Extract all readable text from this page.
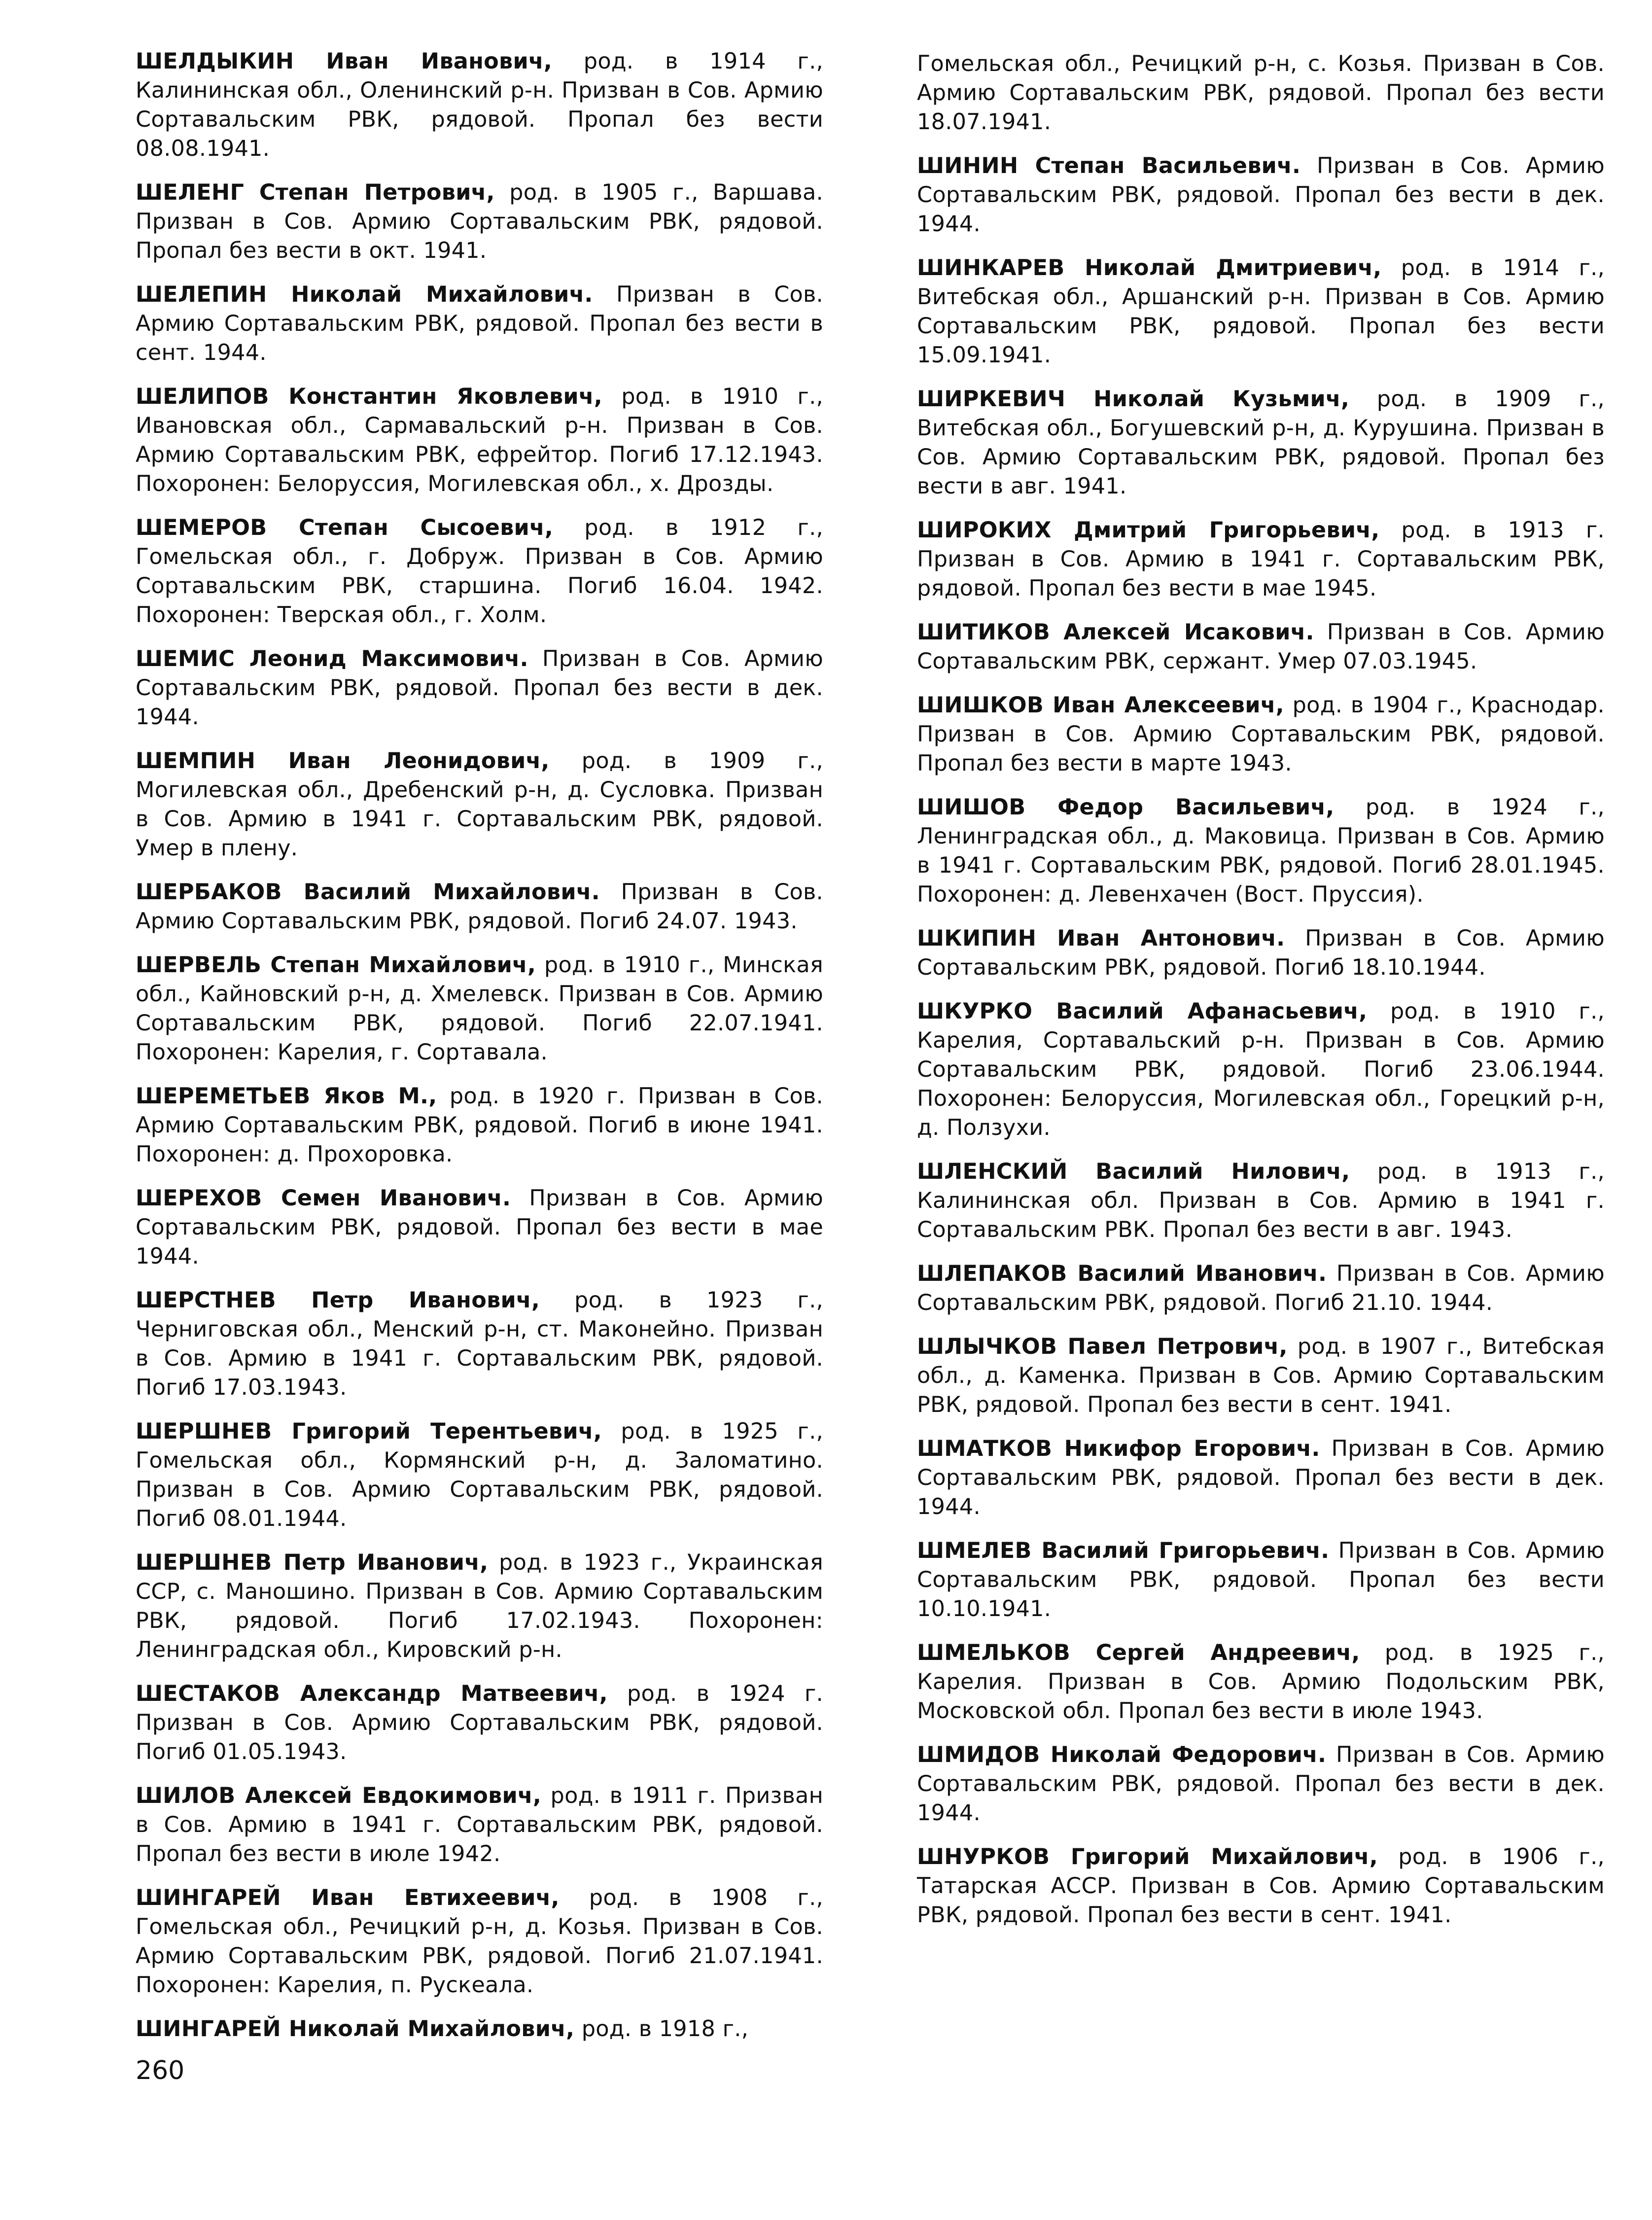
ШЕЛДЫКИН Иван Иванович, род. в 1914 г., Калининская обл., Оленинский р-н. Призван в Сов. Армию Сортавальским РВК, рядовой. Пропал без вести 08.08.1941.

ШЕЛЕНГ Степан Петрович, род. в 1905 г., Варшава. Призван в Сов. Армию Сортавальским РВК, рядовой. Пропал без вести в окт. 1941.

ШЕЛЕПИН Николай Михайлович. Призван в Сов. Армию Сортавальским РВК, рядовой. Пропал без вести в сент. 1944.

ШЕЛИПОВ Константин Яковлевич, род. в 1910 г., Ивановская обл., Сармавальский р-н. Призван в Сов. Армию Сортавальским РВК, ефрейтор. Погиб 17.12.1943. Похоронен: Белоруссия, Могилевская обл., х. Дрозды.

ШЕМЕРОВ Степан Сысоевич, род. в 1912 г., Гомельская обл., г. Добруж. Призван в Сов. Армию Сортавальским РВК, старшина. Погиб 16.04. 1942. Похоронен: Тверская обл., г. Холм.

ШЕМИС Леонид Максимович. Призван в Сов. Армию Сортавальским РВК, рядовой. Пропал без вести в дек. 1944.

ШЕМПИН Иван Леонидович, род. в 1909 г., Могилевская обл., Дребенский р-н, д. Сусловка. Призван в Сов. Армию в 1941 г. Сортавальским РВК, рядовой. Умер в плену.

ШЕРБАКОВ Василий Михайлович. Призван в Сов. Армию Сортавальским РВК, рядовой. Погиб 24.07. 1943.

ШЕРВЕЛЬ Степан Михайлович, род. в 1910 г., Минская обл., Кайновский р-н, д. Хмелевск. Призван в Сов. Армию Сортавальским РВК, рядовой. Погиб 22.07.1941. Похоронен: Карелия, г. Сортавала.

ШЕРЕМЕТЬЕВ Яков М., род. в 1920 г. Призван в Сов. Армию Сортавальским РВК, рядовой. Погиб в июне 1941. Похоронен: д. Прохоровка.

ШЕРЕХОВ Семен Иванович. Призван в Сов. Армию Сортавальским РВК, рядовой. Пропал без вести в мае 1944.

ШЕРСТНЕВ Петр Иванович, род. в 1923 г., Черниговская обл., Менский р-н, ст. Маконейно. Призван в Сов. Армию в 1941 г. Сортавальским РВК, рядовой. Погиб 17.03.1943.

ШЕРШНЕВ Григорий Терентьевич, род. в 1925 г., Гомельская обл., Кормянский р-н, д. Заломатино. Призван в Сов. Армию Сортавальским РВК, рядовой. Погиб 08.01.1944.

ШЕРШНЕВ Петр Иванович, род. в 1923 г., Украинская ССР, с. Маношино. Призван в Сов. Армию Сортавальским РВК, рядовой. Погиб 17.02.1943. Похоронен: Ленинградская обл., Кировский р-н.

ШЕСТАКОВ Александр Матвеевич, род. в 1924 г. Призван в Сов. Армию Сортавальским РВК, рядовой. Погиб 01.05.1943.

ШИЛОВ Алексей Евдокимович, род. в 1911 г. Призван в Сов. Армию в 1941 г. Сортавальским РВК, рядовой. Пропал без вести в июле 1942.

ШИНГАРЕЙ Иван Евтихеевич, род. в 1908 г., Гомельская обл., Речицкий р-н, д. Козья. Призван в Сов. Армию Сортавальским РВК, рядовой. Погиб 21.07.1941. Похоронен: Карелия, п. Рускеала.

ШИНГАРЕЙ Николай Михайлович, род. в 1918 г.,

Гомельская обл., Речицкий р-н, с. Козья. Призван в Сов. Армию Сортавальским РВК, рядовой. Пропал без вести 18.07.1941.

ШИНИН Степан Васильевич. Призван в Сов. Армию Сортавальским РВК, рядовой. Пропал без вести в дек. 1944.

ШИНКАРЕВ Николай Дмитриевич, род. в 1914 г., Витебская обл., Аршанский р-н. Призван в Сов. Армию Сортавальским РВК, рядовой. Пропал без вести 15.09.1941.

ШИРКЕВИЧ Николай Кузьмич, род. в 1909 г., Витебская обл., Богушевский р-н, д. Курушина. Призван в Сов. Армию Сортавальским РВК, рядовой. Пропал без вести в авг. 1941.

ШИРОКИХ Дмитрий Григорьевич, род. в 1913 г. Призван в Сов. Армию в 1941 г. Сортавальским РВК, рядовой. Пропал без вести в мае 1945.

ШИТИКОВ Алексей Исакович. Призван в Сов. Армию Сортавальским РВК, сержант. Умер 07.03.1945.

ШИШКОВ Иван Алексеевич, род. в 1904 г., Краснодар. Призван в Сов. Армию Сортавальским РВК, рядовой. Пропал без вести в марте 1943.

ШИШОВ Федор Васильевич, род. в 1924 г., Ленинградская обл., д. Маковица. Призван в Сов. Армию в 1941 г. Сортавальским РВК, рядовой. Погиб 28.01.1945. Похоронен: д. Левенхачен (Вост. Пруссия).

ШКИПИН Иван Антонович. Призван в Сов. Армию Сортавальским РВК, рядовой. Погиб 18.10.1944.

ШКУРКО Василий Афанасьевич, род. в 1910 г., Карелия, Сортавальский р-н. Призван в Сов. Армию Сортавальским РВК, рядовой. Погиб 23.06.1944. Похоронен: Белоруссия, Могилевская обл., Горецкий р-н, д. Ползухи.

ШЛЕНСКИЙ Василий Нилович, род. в 1913 г., Калининская обл. Призван в Сов. Армию в 1941 г. Сортавальским РВК. Пропал без вести в авг. 1943.

ШЛЕПАКОВ Василий Иванович. Призван в Сов. Армию Сортавальским РВК, рядовой. Погиб 21.10. 1944.

ШЛЫЧКОВ Павел Петрович, род. в 1907 г., Витебская обл., д. Каменка. Призван в Сов. Армию Сортавальским РВК, рядовой. Пропал без вести в сент. 1941.

ШМАТКОВ Никифор Егорович. Призван в Сов. Армию Сортавальским РВК, рядовой. Пропал без вести в дек. 1944.

ШМЕЛЕВ Василий Григорьевич. Призван в Сов. Армию Сортавальским РВК, рядовой. Пропал без вести 10.10.1941.

ШМЕЛЬКОВ Сергей Андреевич, род. в 1925 г., Карелия. Призван в Сов. Армию Подольским РВК, Московской обл. Пропал без вести в июле 1943.

ШМИДОВ Николай Федорович. Призван в Сов. Армию Сортавальским РВК, рядовой. Пропал без вести в дек. 1944.

ШНУРКОВ Григорий Михайлович, род. в 1906 г., Татарская АССР. Призван в Сов. Армию Сортавальским РВК, рядовой. Пропал без вести в сент. 1941.

260
